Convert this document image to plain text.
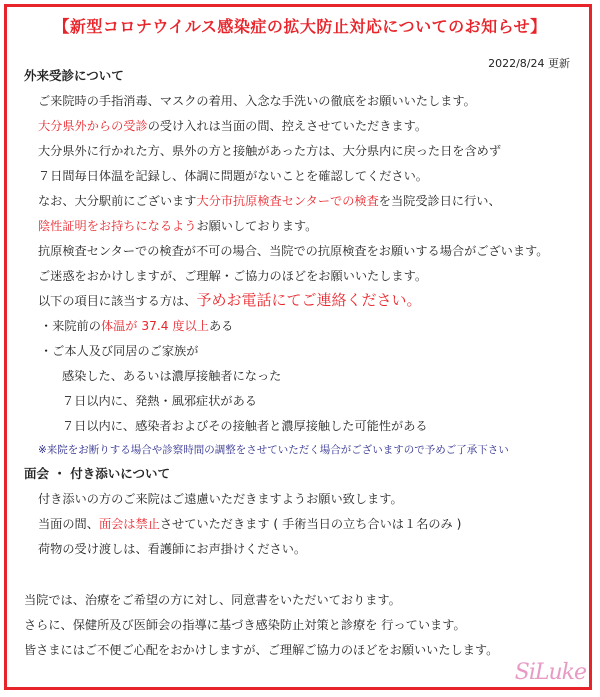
【新型コロナウイルス感染症の拡大防止対応についてのお知らせ】
2022/8/24 更新
外来受診について
ご来院時の手指消毒、マスクの着用、入念な手洗いの徹底をお願いいたします。
大分県外からの受診の受け入れは当面の間、控えさせていただきます。
大分県外に行かれた方、県外の方と接触があった方は、大分県内に戻った日を含めず
７日間毎日体温を記録し、体調に問題がないことを確認してください。
なお、大分駅前にございます大分市抗原検査センターでの検査を当院受診日に行い、
陰性証明をお持ちになるようお願いしております。
抗原検査センターでの検査が不可の場合、当院での抗原検査をお願いする場合がございます。
ご迷惑をおかけしますが、ご理解・ご協力のほどをお願いいたします。
以下の項目に該当する方は、予めお電話にてご連絡ください。
・来院前の体温が 37.4 度以上ある
・ご本人及び同居のご家族が
感染した、あるいは濃厚接触者になった
７日以内に、発熱・風邪症状がある
７日以内に、感染者およびその接触者と濃厚接触した可能性がある
※来院をお断りする場合や診察時間の調整をさせていただく場合がございますので予めご了承下さい
面会 ・ 付き添いについて
付き添いの方のご来院はご遠慮いただきますようお願い致します。
当面の間、面会は禁止させていただきます ( 手術当日の立ち合いは１名のみ )
荷物の受け渡しは、看護師にお声掛けください。
当院では、治療をご希望の方に対し、同意書をいただいております。
さらに、保健所及び医師会の指導に基づき感染防止対策と診療を 行っています。
皆さまにはご不便ご心配をおかけしますが、ご理解ご協力のほどをお願いいたします。
SiLuke
